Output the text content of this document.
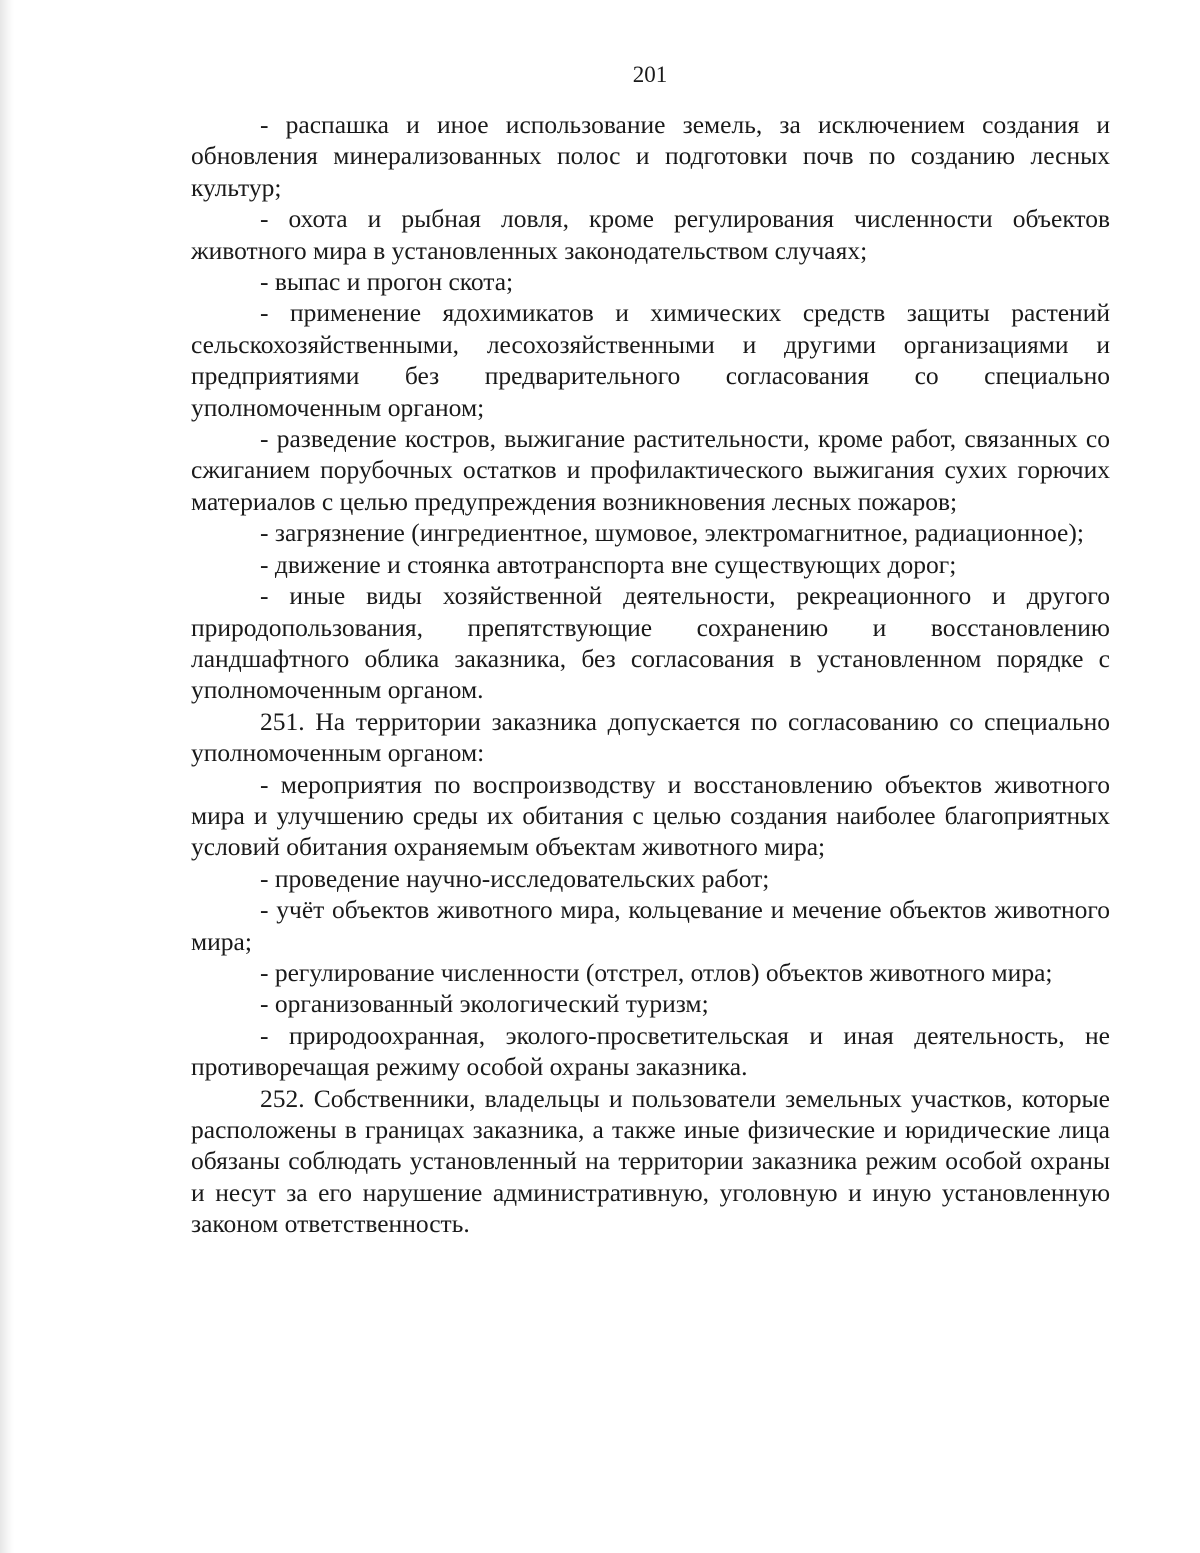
201

- распашка и иное использование земель, за исключением создания и обновления минерализованных полос и подготовки почв по созданию лесных культур;

- охота и рыбная ловля, кроме регулирования численности объектов животного мира в установленных законодательством случаях;

- выпас и прогон скота;

- применение ядохимикатов и химических средств защиты растений сельскохозяйственными, лесохозяйственными и другими организациями и предприятиями без предварительного согласования со специально уполномоченным органом;

- разведение костров, выжигание растительности, кроме работ, связанных со сжиганием порубочных остатков и профилактического выжигания сухих горючих материалов с целью предупреждения возникновения лесных пожаров;

- загрязнение (ингредиентное, шумовое, электромагнитное, радиационное);

- движение и стоянка автотранспорта вне существующих дорог;

- иные виды хозяйственной деятельности, рекреационного и другого природопользования, препятствующие сохранению и восстановлению ландшафтного облика заказника, без согласования в установленном порядке с уполномоченным органом.

251. На территории заказника допускается по согласованию со специально уполномоченным органом:

- мероприятия по воспроизводству и восстановлению объектов животного мира и улучшению среды их обитания с целью создания наиболее благоприятных условий обитания охраняемым объектам животного мира;

- проведение научно-исследовательских работ;

- учёт объектов животного мира, кольцевание и мечение объектов животного мира;

- регулирование численности (отстрел, отлов) объектов животного мира;

- организованный экологический туризм;

- природоохранная, эколого-просветительская и иная деятельность, не противоречащая режиму особой охраны заказника.

252. Собственники, владельцы и пользователи земельных участков, которые расположены в границах заказника, а также иные физические и юридические лица обязаны соблюдать установленный на территории заказника режим особой охраны и несут за его нарушение административную, уголовную и иную установленную законом ответственность.
